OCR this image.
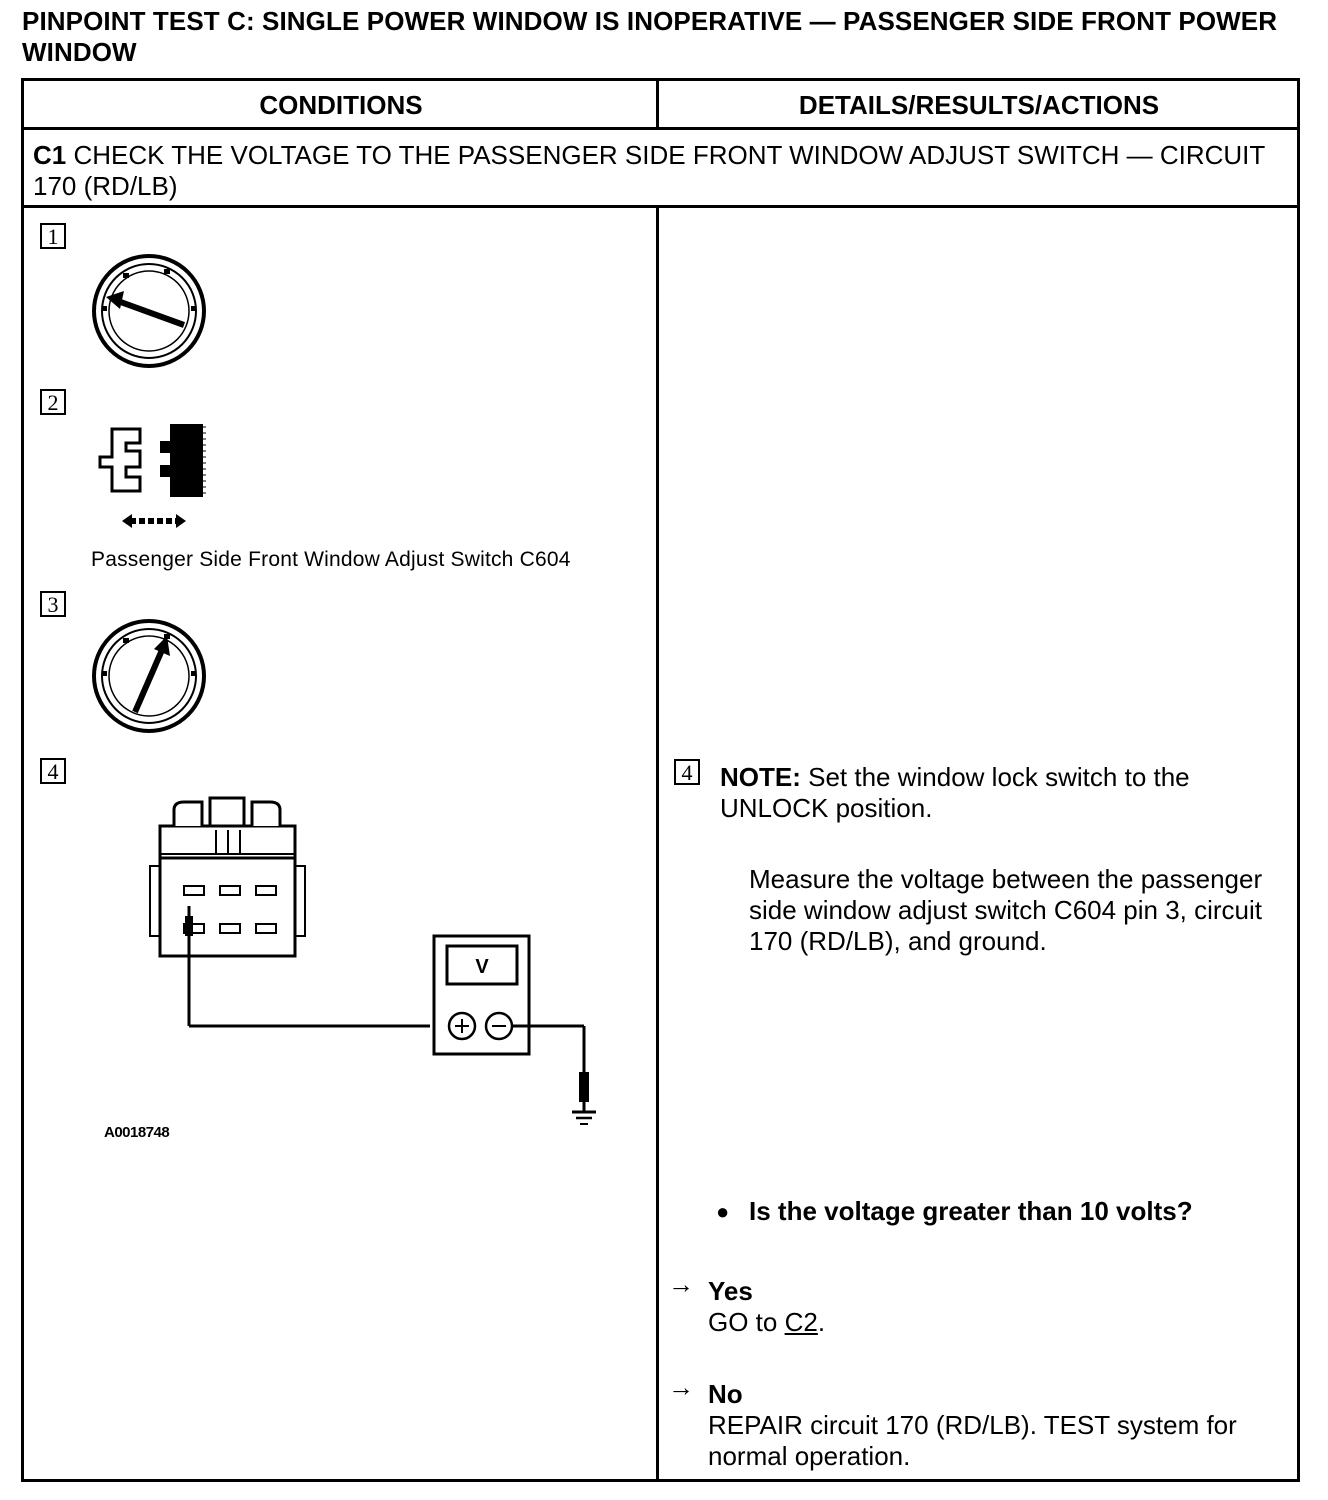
PINPOINT TEST C: SINGLE POWER WINDOW IS INOPERATIVE — PASSENGER SIDE FRONT POWER WINDOW
CONDITIONS	DETAILS/RESULTS/ACTIONS
C1 CHECK THE VOLTAGE TO THE PASSENGER SIDE FRONT WINDOW ADJUST SWITCH — CIRCUIT 170 (RD/LB)
1
2
Passenger Side Front Window Adjust Switch C604
3
4
V
A0018748
4 NOTE: Set the window lock switch to the UNLOCK position.
Measure the voltage between the passenger side window adjust switch C604 pin 3, circuit 170 (RD/LB), and ground.
● Is the voltage greater than 10 volts?
→ Yes
GO to C2.
→ No
REPAIR circuit 170 (RD/LB). TEST system for normal operation.
